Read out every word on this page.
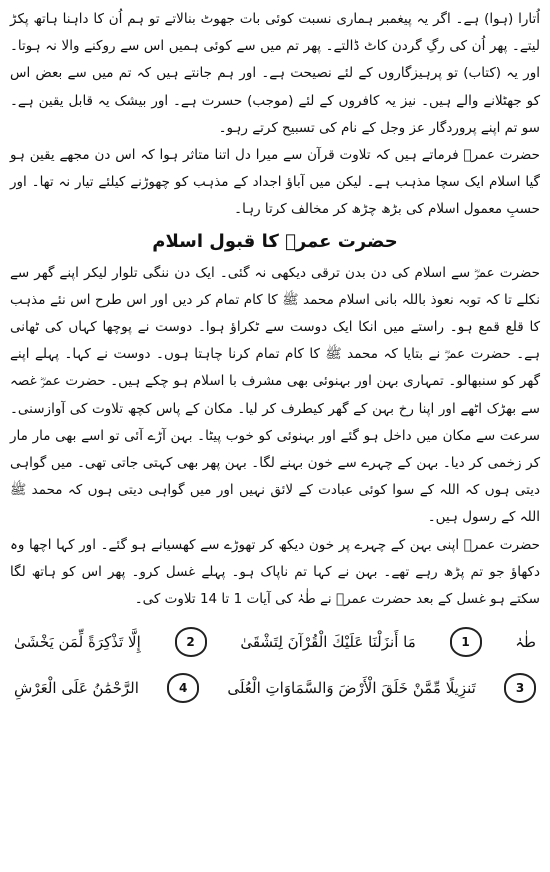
اُتارا (ہوا) ہے۔ اگر یہ پیغمبر ہماری نسبت کوئی بات جھوٹ بنالاتے تو ہم اُن کا داہنا ہاتھ پکڑ لیتے۔ پھر اُن کی رگِ گردن کاٹ ڈالتے۔ پھر تم میں سے کوئی ہمیں اس سے روکنے والا نہ ہوتا۔ اور یہ (کتاب) تو پرہیزگاروں کے لئے نصیحت ہے۔ اور ہم جانتے ہیں کہ تم میں سے بعض اس کو جھٹلانے والے ہیں۔ نیز یہ کافروں کے لئے (موجب) حسرت ہے۔ اور بیشک یہ قابل یقین ہے۔ سو تم اپنے پروردگار عز وجل کے نام کی تسبیح کرتے رہو۔

حضرت عمرؓ فرماتے ہیں کہ تلاوت قرآن سے میرا دل اتنا متاثر ہوا کہ اس دن مجھے یقین ہو گیا اسلام ایک سچا مذہب ہے۔ لیکن میں آباؤ اجداد کے مذہب کو چھوڑنے کیلئے تیار نہ تھا۔ اور حسبِ معمول اسلام کی بڑھ چڑھ کر مخالف کرتا رہا۔

حضرت عمرؓ کا قبول اسلام

حضرت عمرؓ سے اسلام کی دن بدن ترقی دیکھی نہ گئی۔ ایک دن ننگی تلوار لیکر اپنے گھر سے نکلے تا کہ توبہ نعوذ باللہ بانی اسلام محمد ﷺ کا کام تمام کر دیں اور اس طرح اس نئے مذہب کا قلع قمع ہو۔ راستے میں انکا ایک دوست سے ٹکراؤ ہوا۔ دوست نے پوچھا کہاں کی ٹھانی ہے۔ حضرت عمرؓ نے بتایا کہ محمد ﷺ کا کام تمام کرنا چاہتا ہوں۔ دوست نے کہا۔ پہلے اپنے گھر کو سنبھالو۔ تمہاری بہن اور بہنوئی بھی مشرف با اسلام ہو چکے ہیں۔ حضرت عمرؓ غصہ سے بھڑک اٹھے اور اپنا رخ بہن کے گھر کیطرف کر لیا۔ مکان کے پاس کچھ تلاوت کی آوازسنی۔ سرعت سے مکان میں داخل ہو گئے اور بہنوئی کو خوب پیٹا۔ بہن آڑے آئی تو اسے بھی مار مار کر زخمی کر دیا۔ بہن کے چہرے سے خون بہنے لگا۔ بہن پھر بھی کہتی جاتی تھی۔ میں گواہی دیتی ہوں کہ اللہ کے سوا کوئی عبادت کے لائق نہیں اور میں گواہی دیتی ہوں کہ محمد ﷺ اللہ کے رسول ہیں۔

حضرت عمرؓ اپنی بہن کے چہرے پر خون دیکھ کر تھوڑے سے کھسیانے ہو گئے۔ اور کہا اچھا وہ دکھاؤ جو تم پڑھ رہے تھے۔ بہن نے کہا تم ناپاک ہو۔ پہلے غسل کرو۔ پھر اس کو ہاتھ لگا سکتے ہو غسل کے بعد حضرت عمرؓ نے طٰہٰ کی آیات 1 تا 14 تلاوت کی۔

طٰہٰ
1
مَا أَنزَلْنَا عَلَيْكَ الْقُرْآنَ لِتَشْقَىٰ
2
إِلَّا تَذْكِرَةً لِّمَن يَخْشَىٰ
3
تَنزِيلًا مِّمَّنْ خَلَقَ الْأَرْضَ وَالسَّمَاوَاتِ الْعُلَى
4
الرَّحْمَٰنُ عَلَى الْعَرْشِ
